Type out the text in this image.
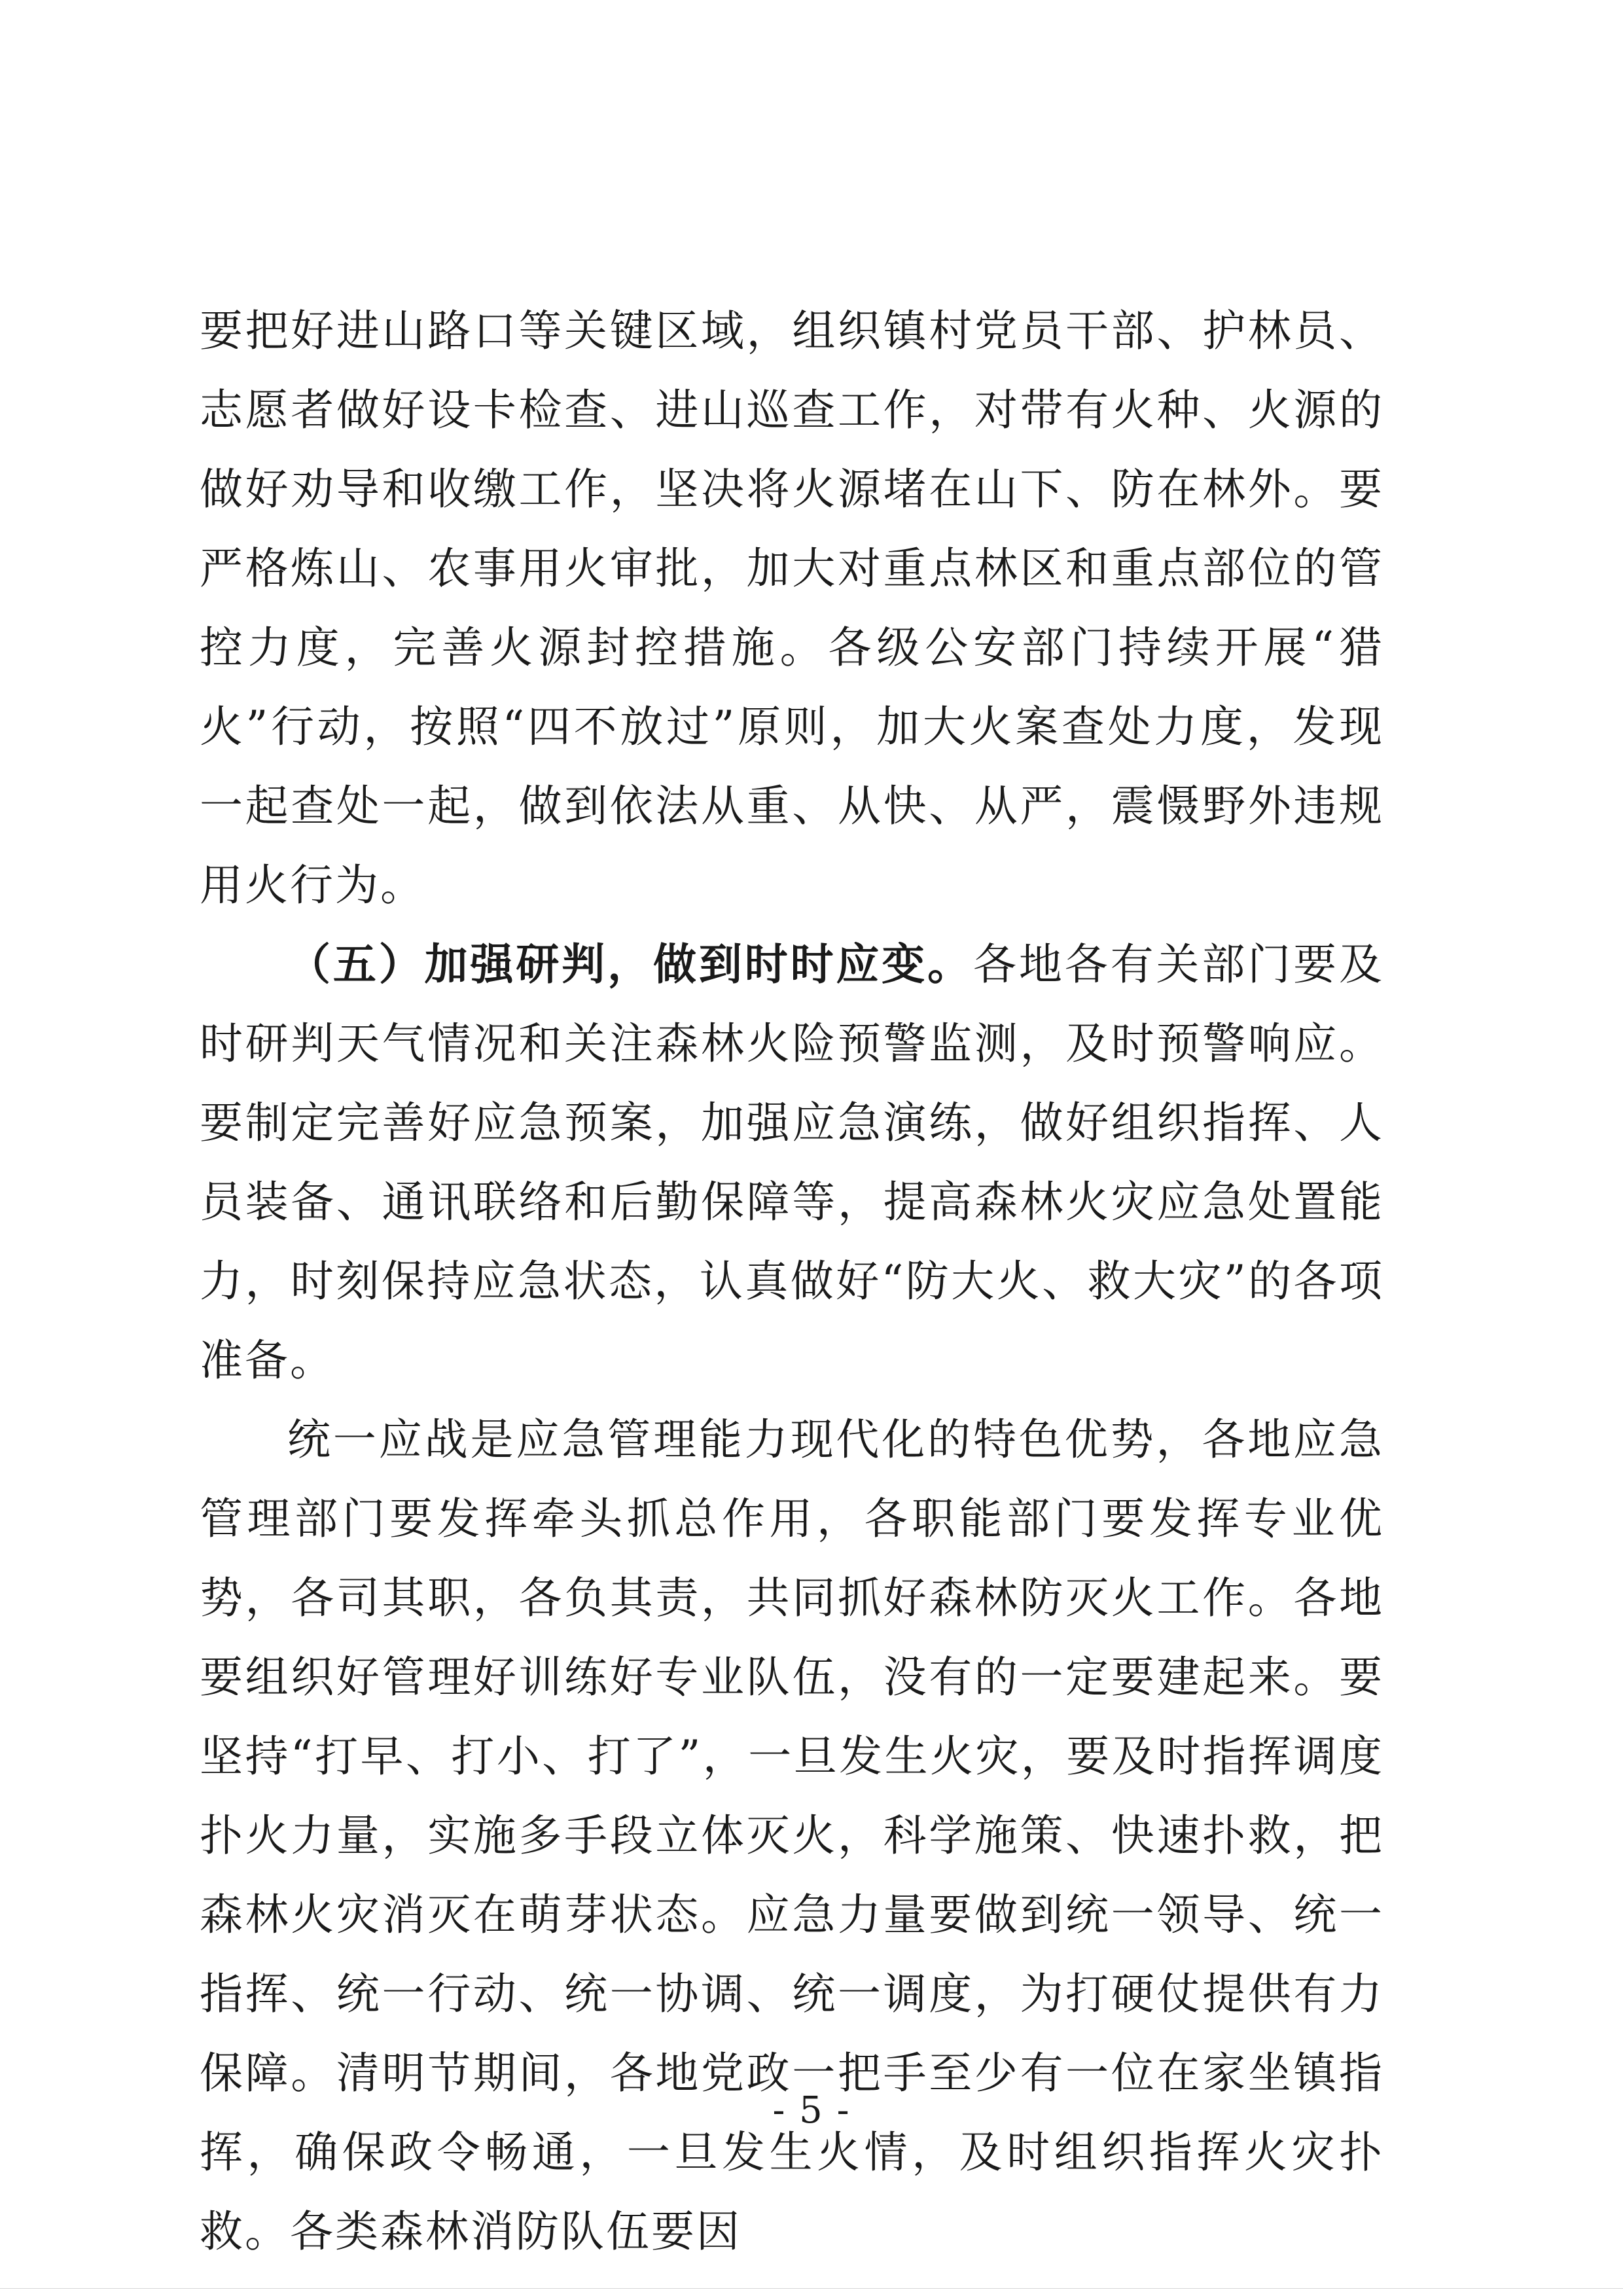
要把好进山路口等关键区域，组织镇村党员干部、护林员、志愿者做好设卡检查、进山巡查工作，对带有火种、火源的做好劝导和收缴工作，坚决将火源堵在山下、防在林外。要严格炼山、农事用火审批，加大对重点林区和重点部位的管控力度，完善火源封控措施。各级公安部门持续开展“猎火”行动，按照“四不放过”原则，加大火案查处力度，发现一起查处一起，做到依法从重、从快、从严，震慑野外违规用火行为。

（五）加强研判，做到时时应变。各地各有关部门要及时研判天气情况和关注森林火险预警监测，及时预警响应。要制定完善好应急预案，加强应急演练，做好组织指挥、人员装备、通讯联络和后勤保障等，提高森林火灾应急处置能力，时刻保持应急状态，认真做好“防大火、救大灾”的各项准备。

统一应战是应急管理能力现代化的特色优势，各地应急管理部门要发挥牵头抓总作用，各职能部门要发挥专业优势，各司其职，各负其责，共同抓好森林防灭火工作。各地要组织好管理好训练好专业队伍，没有的一定要建起来。要坚持“打早、打小、打了”，一旦发生火灾，要及时指挥调度扑火力量，实施多手段立体灭火，科学施策、快速扑救，把森林火灾消灭在萌芽状态。应急力量要做到统一领导、统一指挥、统一行动、统一协调、统一调度，为打硬仗提供有力保障。清明节期间，各地党政一把手至少有一位在家坐镇指挥，确保政令畅通，一旦发生火情，及时组织指挥火灾扑救。各类森林消防队伍要因

- 5 -
